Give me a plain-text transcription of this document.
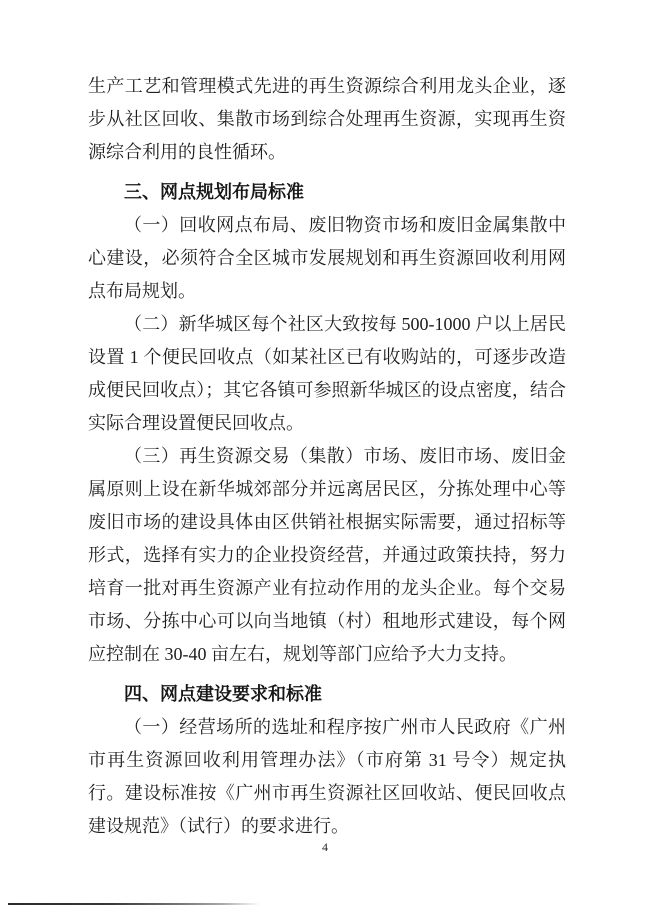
生产工艺和管理模式先进的再生资源综合利用龙头企业，逐步从社区回收、集散市场到综合处理再生资源，实现再生资源综合利用的良性循环。

三、网点规划布局标准

（一）回收网点布局、废旧物资市场和废旧金属集散中心建设，必须符合全区城市发展规划和再生资源回收利用网点布局规划。

（二）新华城区每个社区大致按每 500-1000 户以上居民设置 1 个便民回收点（如某社区已有收购站的，可逐步改造成便民回收点）；其它各镇可参照新华城区的设点密度，结合实际合理设置便民回收点。

（三）再生资源交易（集散）市场、废旧市场、废旧金属原则上设在新华城郊部分并远离居民区，分拣处理中心等废旧市场的建设具体由区供销社根据实际需要，通过招标等形式，选择有实力的企业投资经营，并通过政策扶持，努力培育一批对再生资源产业有拉动作用的龙头企业。每个交易市场、分拣中心可以向当地镇（村）租地形式建设，每个网应控制在 30-40 亩左右，规划等部门应给予大力支持。

四、网点建设要求和标准

（一）经营场所的选址和程序按广州市人民政府《广州市再生资源回收利用管理办法》（市府第 31 号令）规定执行。建设标准按《广州市再生资源社区回收站、便民回收点建设规范》（试行）的要求进行。

4
